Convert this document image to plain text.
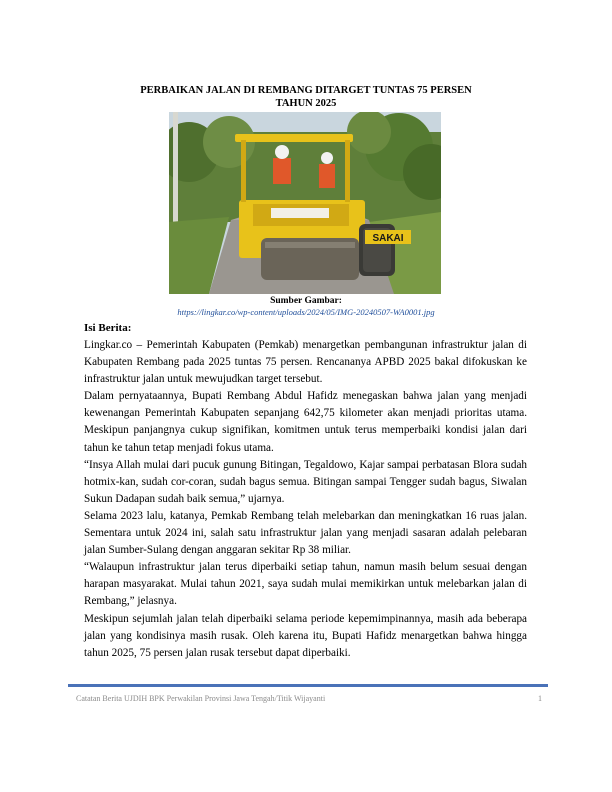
PERBAIKAN JALAN DI REMBANG DITARGET TUNTAS 75 PERSEN
TAHUN 2025
SAKAI
Sumber Gambar:
https://lingkar.co/wp-content/uploads/2024/05/IMG-20240507-WA0001.jpg
Isi Berita:

Lingkar.co – Pemerintah Kabupaten (Pemkab) menargetkan pembangunan infrastruktur jalan di Kabupaten Rembang pada 2025 tuntas 75 persen. Rencananya APBD 2025 bakal difokuskan ke infrastruktur jalan untuk mewujudkan target tersebut.

Dalam pernyataannya, Bupati Rembang Abdul Hafidz menegaskan bahwa jalan yang menjadi kewenangan Pemerintah Kabupaten sepanjang 642,75 kilometer akan menjadi prioritas utama. Meskipun panjangnya cukup signifikan, komitmen untuk terus memperbaiki kondisi jalan dari tahun ke tahun tetap menjadi fokus utama.

“Insya Allah mulai dari pucuk gunung Bitingan, Tegaldowo, Kajar sampai perbatasan Blora sudah hotmix-kan, sudah cor-coran, sudah bagus semua. Bitingan sampai Tengger sudah bagus, Siwalan Sukun Dadapan sudah baik semua,” ujarnya.

Selama 2023 lalu, katanya, Pemkab Rembang telah melebarkan dan meningkatkan 16 ruas jalan. Sementara untuk 2024 ini, salah satu infrastruktur jalan yang menjadi sasaran adalah pelebaran jalan Sumber-Sulang dengan anggaran sekitar Rp 38 miliar.

“Walaupun infrastruktur jalan terus diperbaiki setiap tahun, namun masih belum sesuai dengan harapan masyarakat. Mulai tahun 2021, saya sudah mulai memikirkan untuk melebarkan jalan di Rembang,” jelasnya.

Meskipun sejumlah jalan telah diperbaiki selama periode kepemimpinannya, masih ada beberapa jalan yang kondisinya masih rusak. Oleh karena itu, Bupati Hafidz menargetkan bahwa hingga tahun 2025, 75 persen jalan rusak tersebut dapat diperbaiki.

Catatan Berita UJDIH BPK Perwakilan Provinsi Jawa Tengah/Titik Wijayanti	1
